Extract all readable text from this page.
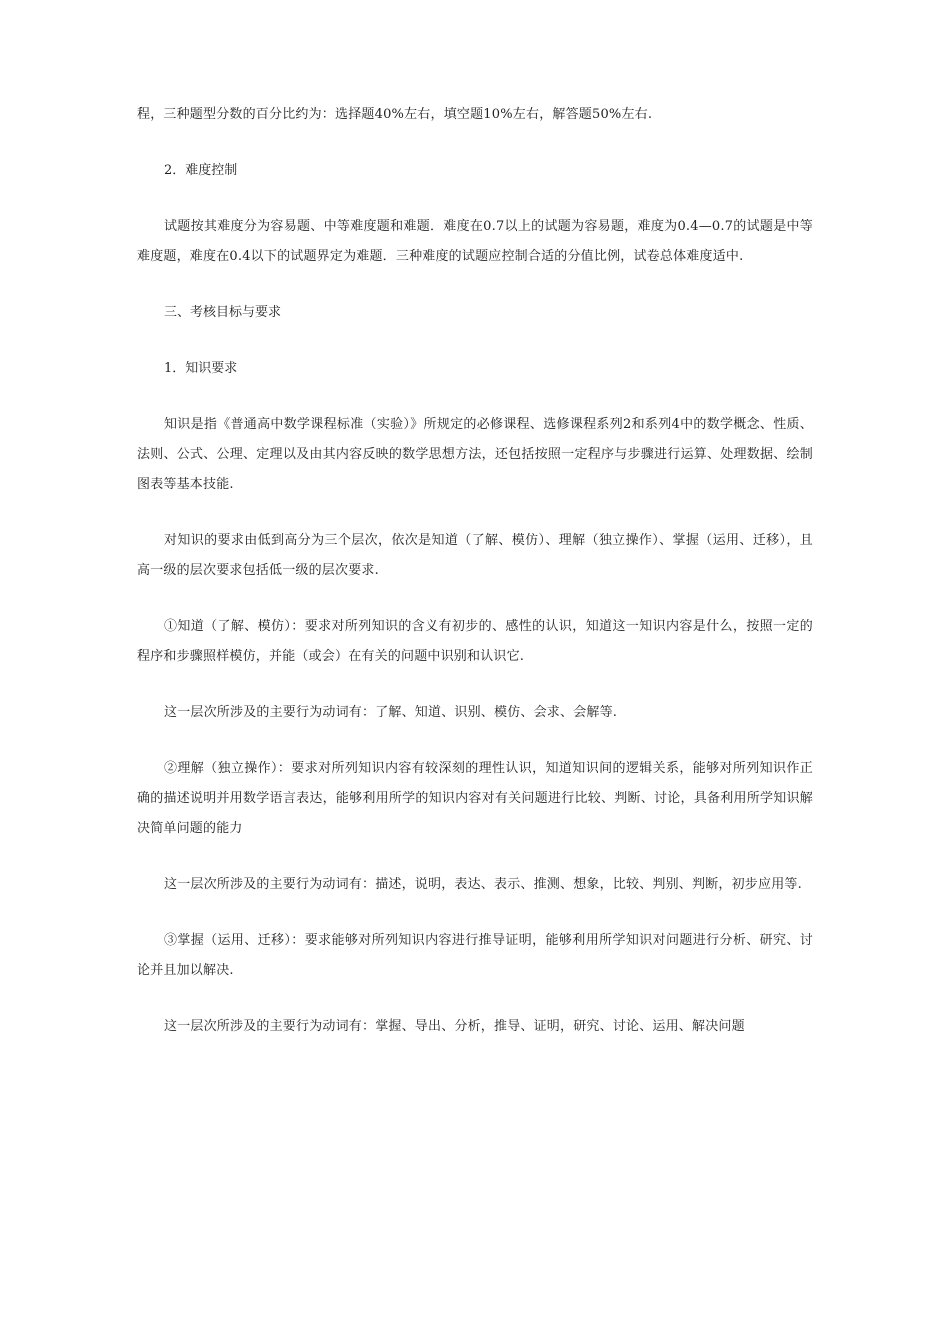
程，三种题型分数的百分比约为：选择题40%左右，填空题10%左右，解答题50%左右.

2．难度控制

试题按其难度分为容易题、中等难度题和难题．难度在0.7以上的试题为容易题，难度为0.4—0.7的试题是中等难度题，难度在0.4以下的试题界定为难题．三种难度的试题应控制合适的分值比例，试卷总体难度适中.

三、考核目标与要求

1．知识要求

知识是指《普通高中数学课程标准（实验）》所规定的必修课程、选修课程系列2和系列4中的数学概念、性质、法则、公式、公理、定理以及由其内容反映的数学思想方法，还包括按照一定程序与步骤进行运算、处理数据、绘制图表等基本技能.

对知识的要求由低到高分为三个层次，依次是知道（了解、模仿）、理解（独立操作）、掌握（运用、迁移），且高一级的层次要求包括低一级的层次要求.

①知道（了解、模仿）：要求对所列知识的含义有初步的、感性的认识，知道这一知识内容是什么，按照一定的程序和步骤照样模仿，并能（或会）在有关的问题中识别和认识它.

这一层次所涉及的主要行为动词有：了解、知道、识别、模仿、会求、会解等.

②理解（独立操作）：要求对所列知识内容有较深刻的理性认识，知道知识间的逻辑关系，能够对所列知识作正确的描述说明并用数学语言表达，能够利用所学的知识内容对有关问题进行比较、判断、讨论，具备利用所学知识解决简单问题的能力

这一层次所涉及的主要行为动词有：描述，说明，表达、表示、推测、想象，比较、判别、判断，初步应用等.

③掌握（运用、迁移）：要求能够对所列知识内容进行推导证明，能够利用所学知识对问题进行分析、研究、讨论并且加以解决.

这一层次所涉及的主要行为动词有：掌握、导出、分析，推导、证明，研究、讨论、运用、解决问题
